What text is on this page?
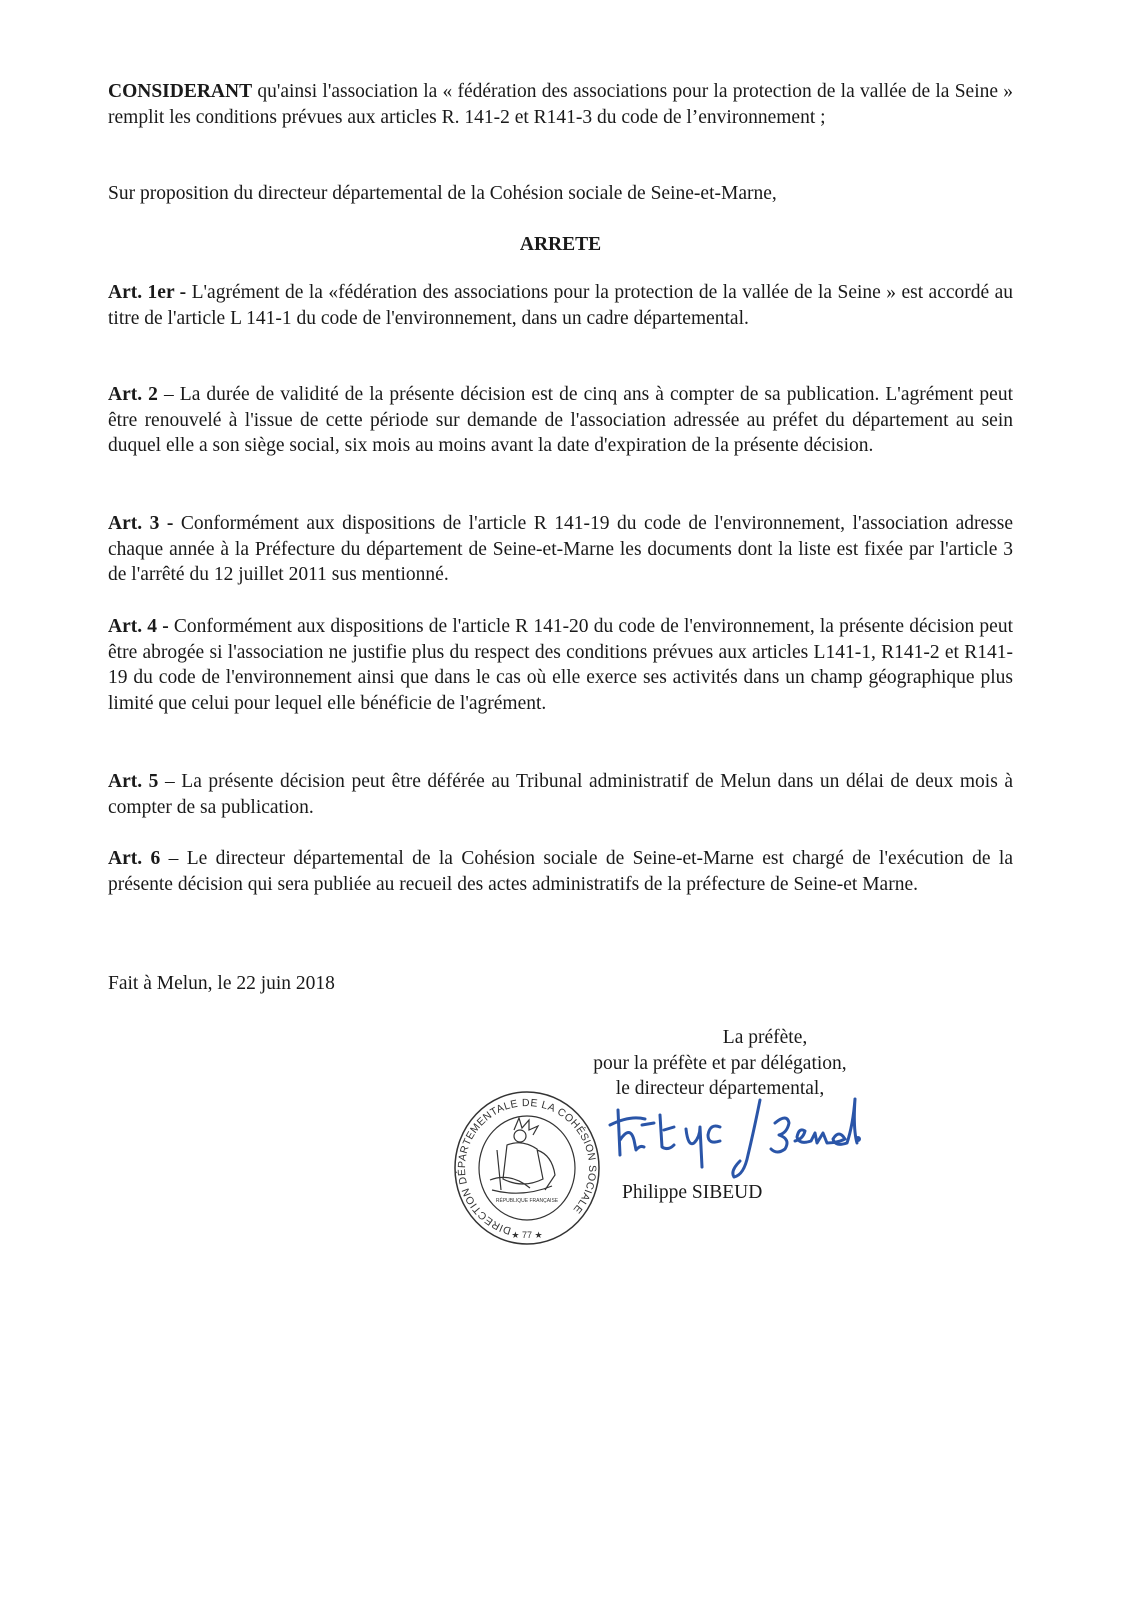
CONSIDERANT qu'ainsi l'association la « fédération des associations pour la protection de la vallée de la Seine » remplit les conditions prévues aux articles R. 141-2 et R141-3 du code de l’environnement ;

Sur proposition du directeur départemental de la Cohésion sociale de Seine-et-Marne,

ARRETE

Art. 1er - L'agrément de la «fédération des associations pour la protection de la vallée de la Seine » est accordé au titre de l'article L 141-1 du code de l'environnement, dans un cadre départemental.

Art. 2 – La durée de validité de la présente décision est de cinq ans à compter de sa publication. L'agrément peut être renouvelé à l'issue de cette période sur demande de l'association adressée au préfet du département au sein duquel elle a son siège social, six mois au moins avant la date d'expiration de la présente décision.

Art. 3 - Conformément aux dispositions de l'article R 141-19 du code de l'environnement, l'association adresse chaque année à la Préfecture du département de Seine-et-Marne les documents dont la liste est fixée par l'article 3 de l'arrêté du 12 juillet 2011 sus mentionné.

Art. 4 - Conformément aux dispositions de l'article R 141-20 du code de l'environnement, la présente décision peut être abrogée si l'association ne justifie plus du respect des conditions prévues aux articles L141-1, R141-2 et R141-19 du code de l'environnement ainsi que dans le cas où elle exerce ses activités dans un champ géographique plus limité que celui pour lequel elle bénéficie de l'agrément.

Art. 5 – La présente décision peut être déférée au Tribunal administratif de Melun dans un délai de deux mois à compter de sa publication.

Art. 6 – Le directeur départemental de la Cohésion sociale de Seine-et-Marne est chargé de l'exécution de la présente décision qui sera publiée au recueil des actes administratifs de la préfecture de Seine-et Marne.

Fait à Melun, le 22 juin 2018

La préfète,
pour la préfète et par délégation,
le directeur départemental,
DIRECTION DÉPARTEMENTALE DE LA COHÉSION SOCIALE
RÉPUBLIQUE FRANÇAISE
★ 77 ★
Philippe SIBEUD
